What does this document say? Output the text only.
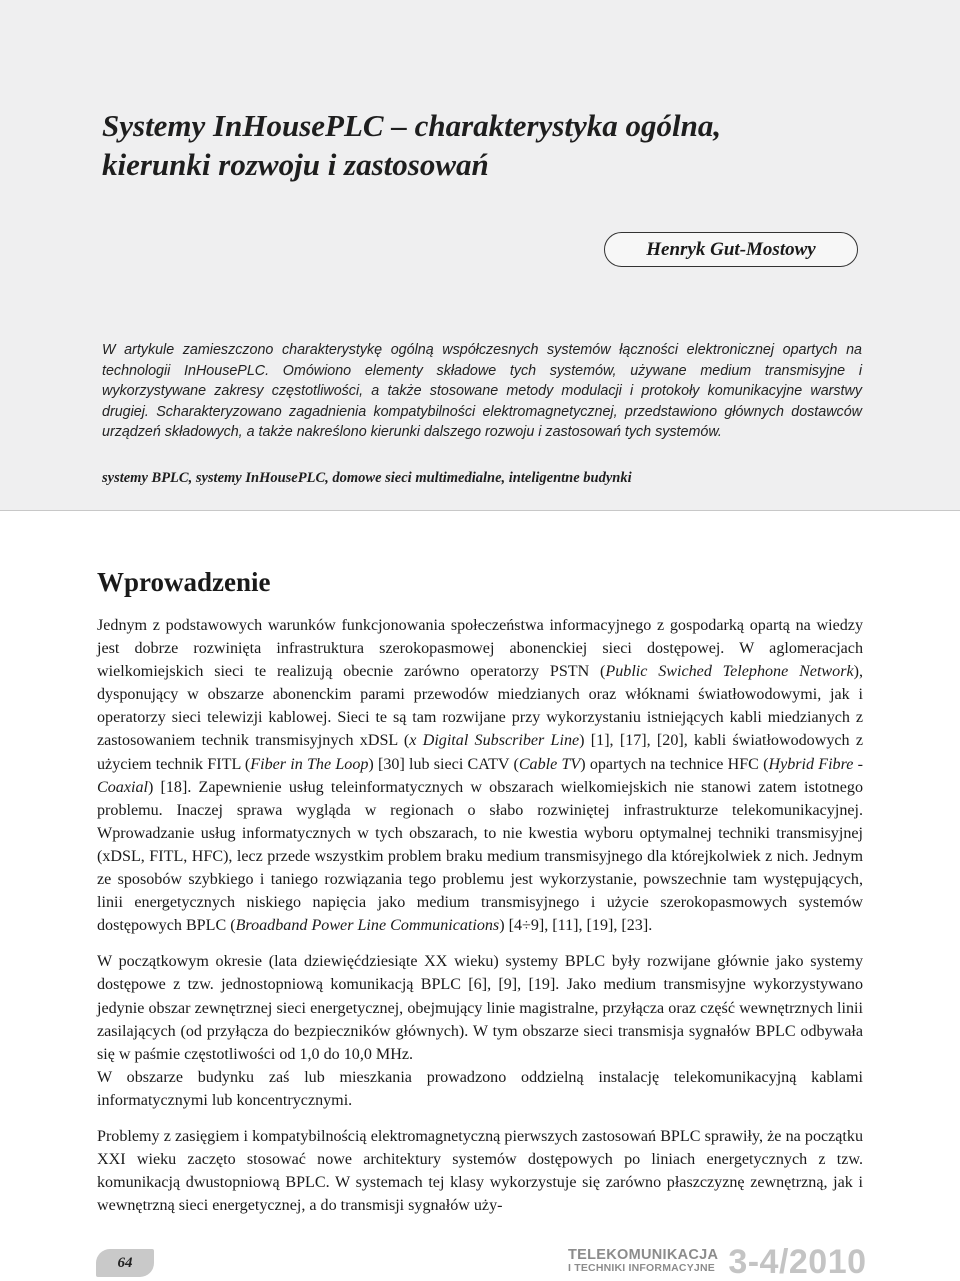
Systemy InHousePLC – charakterystyka ogólna,
kierunki rozwoju i zastosowań
Henryk Gut-Mostowy

W artykule zamieszczono charakterystykę ogólną współczesnych systemów łączności elektronicznej opartych na technologii InHousePLC. Omówiono elementy składowe tych systemów, używane medium transmisyjne i wykorzystywane zakresy częstotliwości, a także stosowane metody modulacji i protokoły komunikacyjne warstwy drugiej. Scharakteryzowano zagadnienia kompatybilności elektromagnetycznej, przedstawiono głównych dostawców urządzeń składowych, a także nakreślono kierunki dalszego rozwoju i zastosowań tych systemów.

systemy BPLC, systemy InHousePLC, domowe sieci multimedialne, inteligentne budynki

Wprowadzenie

Jednym z podstawowych warunków funkcjonowania społeczeństwa informacyjnego z gospodarką opartą na wiedzy jest dobrze rozwinięta infrastruktura szerokopasmowej abonenckiej sieci dostępowej. W aglomeracjach wielkomiejskich sieci te realizują obecnie zarówno operatorzy PSTN (Public Swiched Telephone Network), dysponujący w obszarze abonenckim parami przewodów miedzianych oraz włóknami światłowodowymi, jak i operatorzy sieci telewizji kablowej. Sieci te są tam rozwijane przy wykorzystaniu istniejących kabli miedzianych z zastosowaniem technik transmisyjnych xDSL (x Digital Subscriber Line) [1], [17], [20], kabli światłowodowych z użyciem technik FITL (Fiber in The Loop) [30] lub sieci CATV (Cable TV) opartych na technice HFC (Hybrid Fibre - Coaxial) [18]. Zapewnienie usług teleinformatycznych w obszarach wielkomiejskich nie stanowi zatem istotnego problemu. Inaczej sprawa wygląda w regionach o słabo rozwiniętej infrastrukturze telekomunikacyjnej. Wprowadzanie usług informatycznych w tych obszarach, to nie kwestia wyboru optymalnej techniki transmisyjnej (xDSL, FITL, HFC), lecz przede wszystkim problem braku medium transmisyjnego dla którejkolwiek z nich. Jednym ze sposobów szybkiego i taniego rozwiązania tego problemu jest wykorzystanie, powszechnie tam występujących, linii energetycznych niskiego napięcia jako medium transmisyjnego i użycie szerokopasmowych systemów dostępowych BPLC (Broadband Power Line Communications) [4÷9], [11], [19], [23].

W początkowym okresie (lata dziewięćdziesiąte XX wieku) systemy BPLC były rozwijane głównie jako systemy dostępowe z tzw. jednostopniową komunikacją BPLC [6], [9], [19]. Jako medium transmisyjne wykorzystywano jedynie obszar zewnętrznej sieci energetycznej, obejmujący linie magistralne, przyłącza oraz część wewnętrznych linii zasilających (od przyłącza do bezpieczników głównych). W tym obszarze sieci transmisja sygnałów BPLC odbywała się w paśmie częstotliwości od 1,0 do 10,0 MHz.
W obszarze budynku zaś lub mieszkania prowadzono oddzielną instalację telekomunikacyjną kablami informatycznymi lub koncentrycznymi.

Problemy z zasięgiem i kompatybilnością elektromagnetyczną pierwszych zastosowań BPLC sprawiły, że na początku XXI wieku zaczęto stosować nowe architektury systemów dostępowych po liniach energetycznych z tzw. komunikacją dwustopniową BPLC. W systemach tej klasy wykorzystuje się zarówno płaszczyznę zewnętrzną, jak i wewnętrzną sieci energetycznej, a do transmisji sygnałów uży-

64	TELEKOMUNIKACJA
I TECHNIKI INFORMACYJNE 3-4/2010
